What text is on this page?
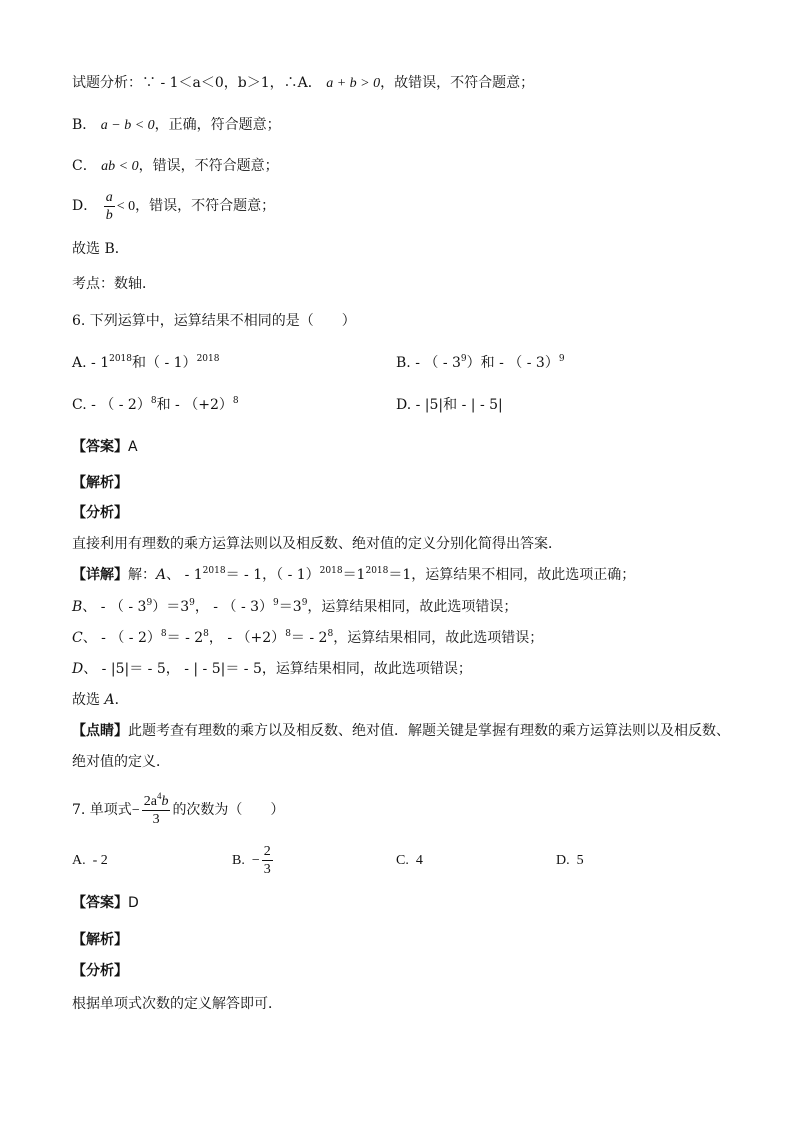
试题分析：∵ - 1＜a＜0，b＞1，∴A． a + b > 0，故错误，不符合题意；
B． a − b < 0，正确，符合题意；
C． ab < 0，错误，不符合题意；
D． $\frac{a}{b} < 0$，错误，不符合题意；
故选 B．
考点：数轴．
6. 下列运算中，运算结果不相同的是（　　）
A. - $1^{2018}$和（ - 1）$^{2018}$	B. - （ - $3^9$）和 - （ - 3）$^9$
C. - （ - 2）$^8$和 - $(+2)^8$	D. - |5|和 - | - 5|
【答案】A
【解析】
【分析】
直接利用有理数的乘方运算法则以及相反数、绝对值的定义分别化简得出答案．
【详解】解：A、 - $1^{2018}= - 1$，（ - $1)^{2018}=1^{2018}=1$，运算结果不相同，故此选项正确；
B、 - （ - $3^9)=3^9$， - （ - $3)^9=3^9$，运算结果相同，故此选项错误；
C、 - （ - $2)^8= - 2^8$， - $(+2)^8= - 2^8$，运算结果相同，故此选项错误；
D、 - |5|＝ - 5， - | - 5|＝ - 5，运算结果相同，故此选项错误；
故选 A．
【点睛】此题考查有理数的乘方以及相反数、绝对值．解题关键是掌握有理数的乘方运算法则以及相反数、
绝对值的定义．
7. 单项式− $\frac{2a^4b}{3}$ 的次数为（　　）
A. - 2	B. − $\frac{2}{3}$	C. 4	D. 5
【答案】D
【解析】
【分析】
根据单项式次数的定义解答即可．
